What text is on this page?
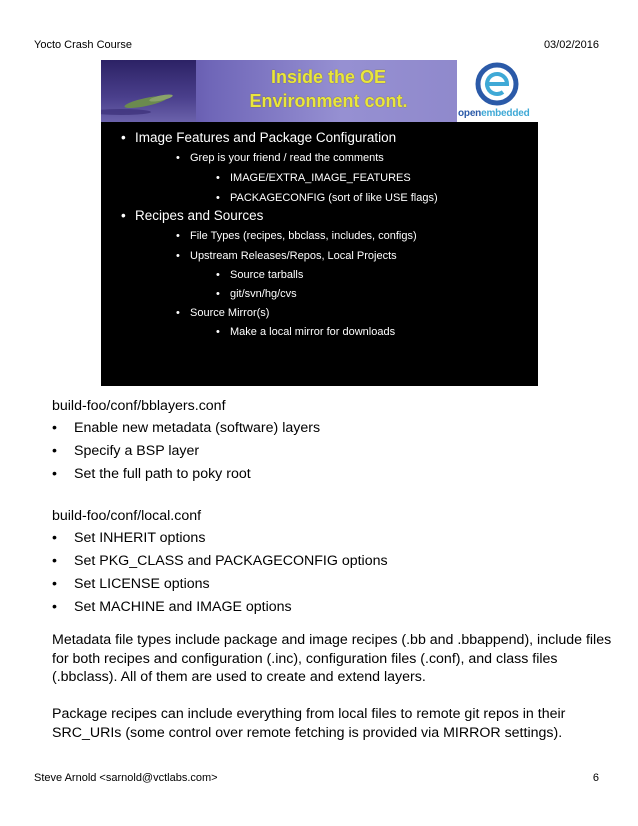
Yocto Crash Course	03/02/2016
Inside the OE
Environment cont.
openembedded
• Image Features and Package Configuration
• Grep is your friend / read the comments
• IMAGE/EXTRA_IMAGE_FEATURES
• PACKAGECONFIG (sort of like USE flags)
• Recipes and Sources
• File Types (recipes, bbclass, includes, configs)
• Upstream Releases/Repos, Local Projects
• Source tarballs
• git/svn/hg/cvs
• Source Mirror(s)
• Make a local mirror for downloads
build-foo/conf/bblayers.conf
• Enable new metadata (software) layers
• Specify a BSP layer
• Set the full path to poky root
build-foo/conf/local.conf
• Set INHERIT options
• Set PKG_CLASS and PACKAGECONFIG options
• Set LICENSE options
• Set MACHINE and IMAGE options
Metadata file types include package and image recipes (.bb and .bbappend), include files for both recipes and configuration (.inc), configuration files (.conf), and class files (.bbclass). All of them are used to create and extend layers.
Package recipes can include everything from local files to remote git repos in their SRC_URIs (some control over remote fetching is provided via MIRROR settings).
Steve Arnold <sarnold@vctlabs.com>	6
